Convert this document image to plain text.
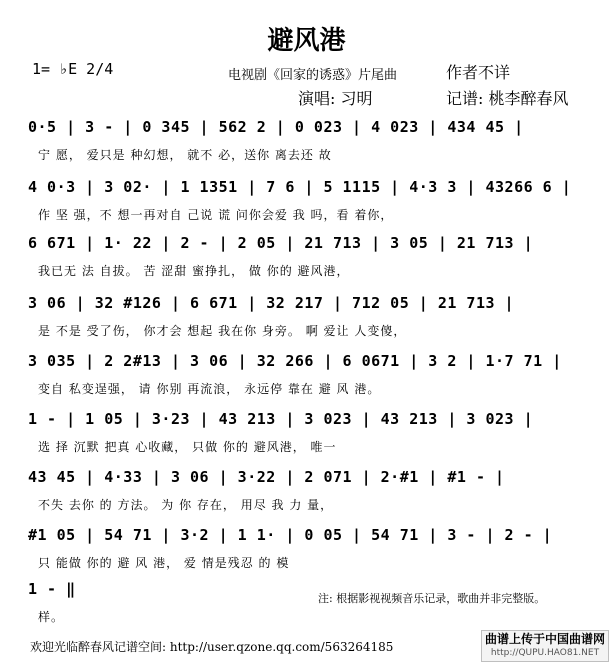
避风港
1= ♭E 2/4	电视剧《回家的诱惑》片尾曲	作者不详
演唱: 习明	记谱: 桃李醉春风
0·5 | 3 - | 0 345 | 562 2 | 0 023 | 4 023 | 434 45 |
宁 愿， 爱只是 种幻想， 就不 必，送你 离去还 故
4 0·3 | 3 02· | 1 1351 | 7 6 | 5 1115 | 4·3 3 | 43266 6 |
作 坚 强，不 想一再对自 己说 谎 问你会爱 我 吗，看 着你，
6 671 | 1· 22 | 2 - | 2 05 | 21 713 | 3 05 | 21 713 |
我已无 法 自拔。 苦 涩甜 蜜挣扎， 做 你的 避风港，
3 06 | 32 #126 | 6 671 | 32 217 | 712 05 | 21 713 |
是 不是 受了伤， 你才会 想起 我在你 身旁。 啊 爱让 人变傻，
3 035 | 2 2#13 | 3 06 | 32 266 | 6 0671 | 3 2 | 1·7 71 |
变自 私变逞强， 请 你别 再流浪， 永远停 靠在 避 风 港。
1 - | 1 05 | 3·23 | 43 213 | 3 023 | 43 213 | 3 023 |
选 择 沉默 把真 心收藏， 只做 你的 避风港， 唯一
43 45 | 4·33 | 3 06 | 3·22 | 2 071 | 2·#1 | #1 - |
不失 去你 的 方法。 为 你 存在， 用尽 我 力 量，
#1 05 | 54 71 | 3·2 | 1 1· | 0 05 | 54 71 | 3 - | 2 - |
只 能做 你的 避 风 港， 爱 情是残忍 的 模
1 - ‖
样。
注: 根据影视视频音乐记录，歌曲并非完整版。
欢迎光临醉春风记谱空间: http://user.qzone.qq.com/563264185
曲谱上传于中国曲谱网
http://QUPU.HAO81.NET
